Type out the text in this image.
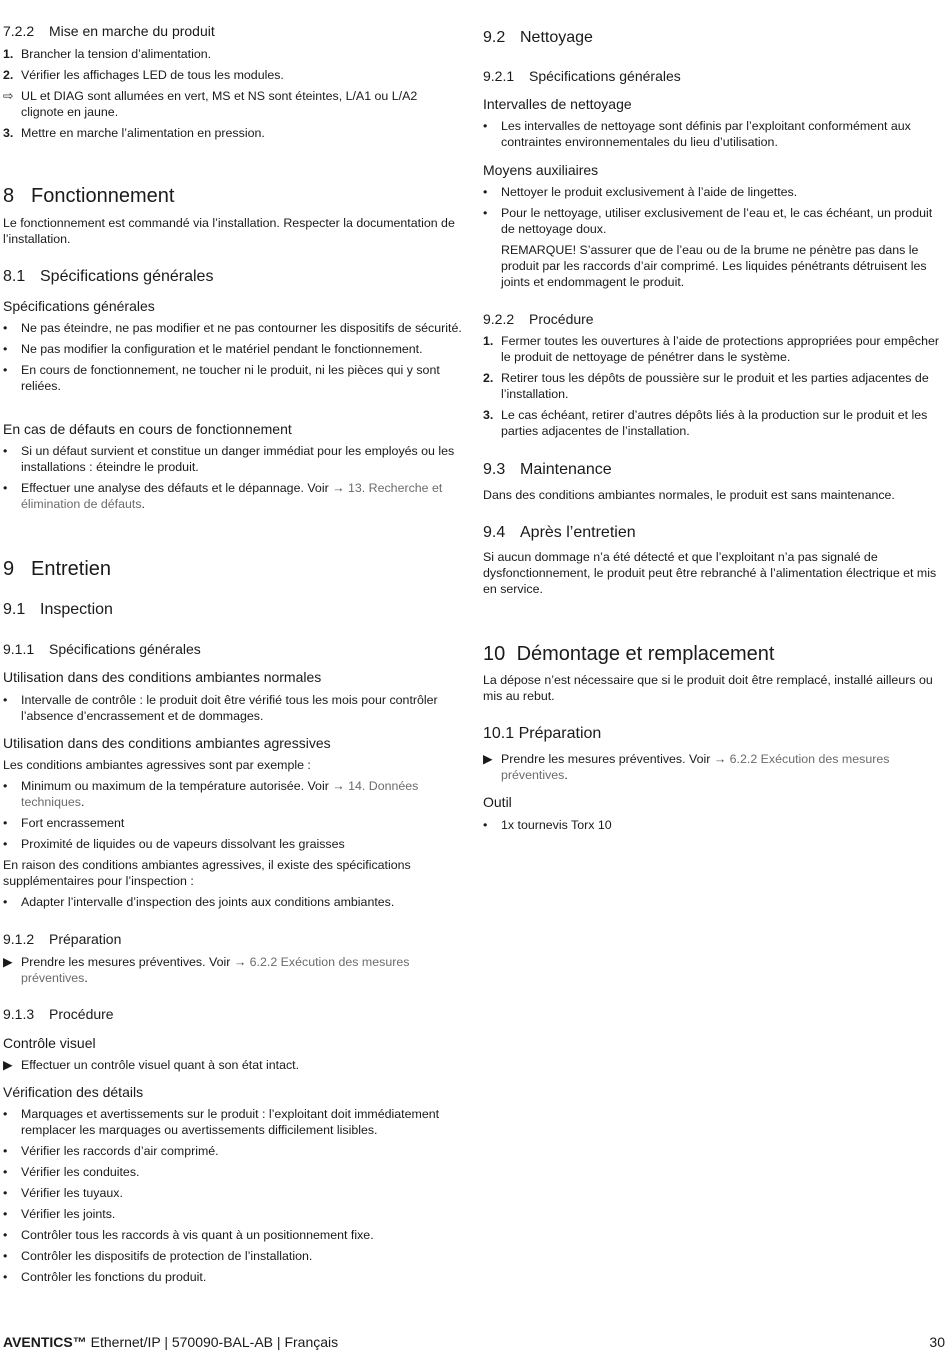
7.2.2 Mise en marche du produit
1. Brancher la tension d’alimentation.
2. Vérifier les affichages LED de tous les modules.
⇨ UL et DIAG sont allumées en vert, MS et NS sont éteintes, L/A1 ou L/A2 clignote en jaune.
3. Mettre en marche l’alimentation en pression.
8 Fonctionnement

Le fonctionnement est commandé via l’installation. Respecter la documentation de l’installation.

8.1 Spécifications générales
Spécifications générales
• Ne pas éteindre, ne pas modifier et ne pas contourner les dispositifs de sécurité.
• Ne pas modifier la configuration et le matériel pendant le fonctionnement.
• En cours de fonctionnement, ne toucher ni le produit, ni les pièces qui y sont reliées.
En cas de défauts en cours de fonctionnement
• Si un défaut survient et constitue un danger immédiat pour les employés ou les installations : éteindre le produit.
• Effectuer une analyse des défauts et le dépannage. Voir → 13. Recherche et élimination de défauts.
9 Entretien
9.1 Inspection
9.1.1 Spécifications générales
Utilisation dans des conditions ambiantes normales
• Intervalle de contrôle : le produit doit être vérifié tous les mois pour contrôler l’absence d’encrassement et de dommages.
Utilisation dans des conditions ambiantes agressives

Les conditions ambiantes agressives sont par exemple :

• Minimum ou maximum de la température autorisée. Voir → 14. Données techniques.
• Fort encrassement
• Proximité de liquides ou de vapeurs dissolvant les graisses

En raison des conditions ambiantes agressives, il existe des spécifications supplémentaires pour l’inspection :

• Adapter l’intervalle d’inspection des joints aux conditions ambiantes.
9.1.2 Préparation
▶ Prendre les mesures préventives. Voir → 6.2.2 Exécution des mesures préventives.
9.1.3 Procédure
Contrôle visuel
▶ Effectuer un contrôle visuel quant à son état intact.
Vérification des détails
• Marquages et avertissements sur le produit : l’exploitant doit immédiatement remplacer les marquages ou avertissements difficilement lisibles.
• Vérifier les raccords d’air comprimé.
• Vérifier les conduites.
• Vérifier les tuyaux.
• Vérifier les joints.
• Contrôler tous les raccords à vis quant à un positionnement fixe.
• Contrôler les dispositifs de protection de l’installation.
• Contrôler les fonctions du produit.
9.2 Nettoyage
9.2.1 Spécifications générales
Intervalles de nettoyage
• Les intervalles de nettoyage sont définis par l’exploitant conformément aux contraintes environnementales du lieu d’utilisation.
Moyens auxiliaires
• Nettoyer le produit exclusivement à l’aide de lingettes.
• Pour le nettoyage, utiliser exclusivement de l’eau et, le cas échéant, un produit de nettoyage doux.
REMARQUE! S’assurer que de l’eau ou de la brume ne pénètre pas dans le produit par les raccords d’air comprimé. Les liquides pénétrants détruisent les joints et endommagent le produit.
9.2.2 Procédure
1. Fermer toutes les ouvertures à l’aide de protections appropriées pour empêcher le produit de nettoyage de pénétrer dans le système.
2. Retirer tous les dépôts de poussière sur le produit et les parties adjacentes de l’installation.
3. Le cas échéant, retirer d’autres dépôts liés à la production sur le produit et les parties adjacentes de l’installation.
9.3 Maintenance

Dans des conditions ambiantes normales, le produit est sans maintenance.

9.4 Après l’entretien

Si aucun dommage n’a été détecté et que l’exploitant n’a pas signalé de dysfonctionnement, le produit peut être rebranché à l’alimentation électrique et mis en service.

10 Démontage et remplacement

La dépose n’est nécessaire que si le produit doit être remplacé, installé ailleurs ou mis au rebut.

10.1 Préparation
▶ Prendre les mesures préventives. Voir → 6.2.2 Exécution des mesures préventives.
Outil
• 1x tournevis Torx 10
AVENTICS™ Ethernet/IP | 570090-BAL-AB | Français	30
